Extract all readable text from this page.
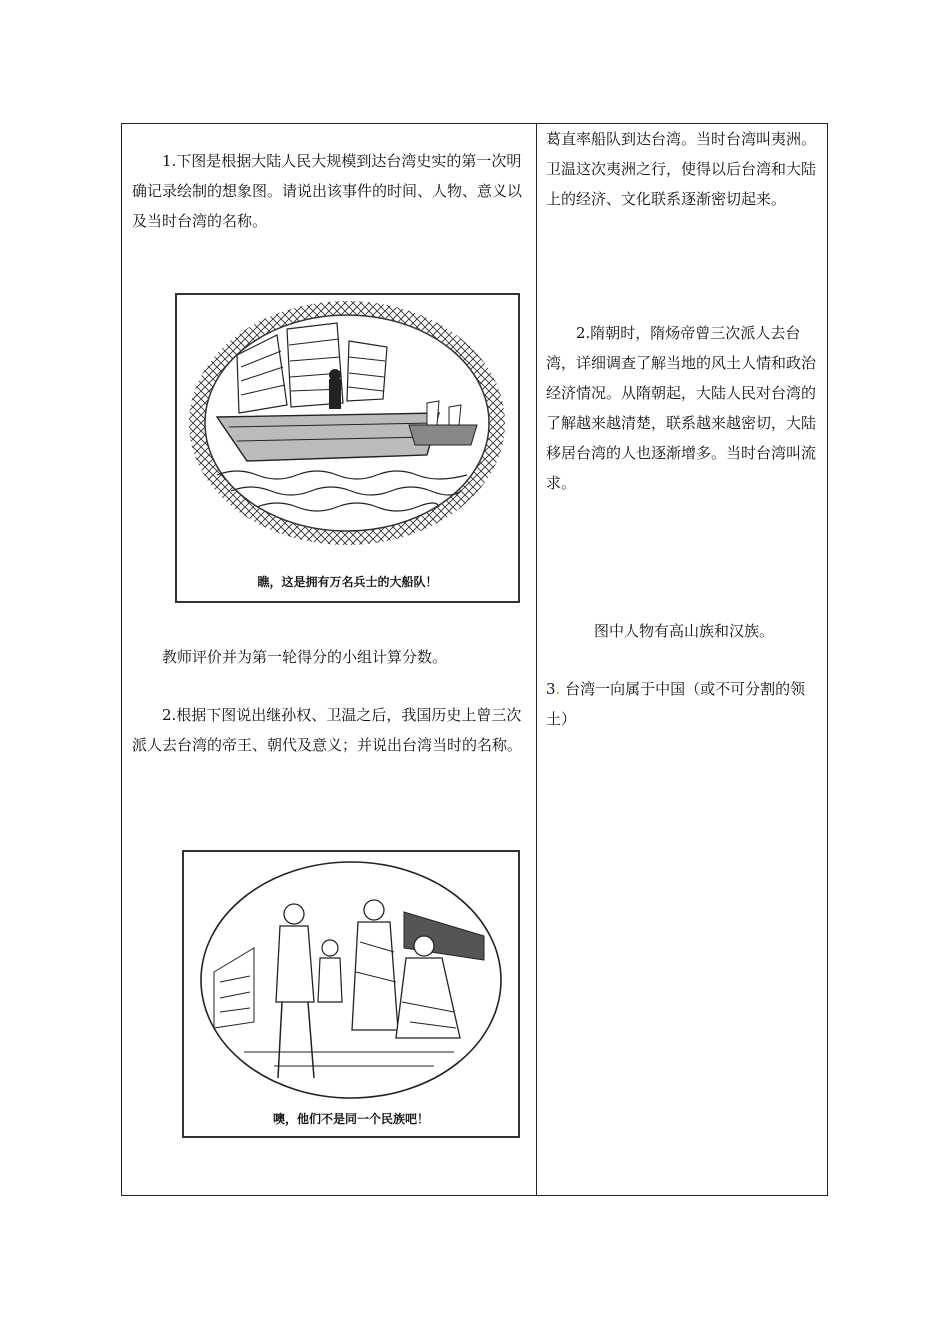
1.下图是根据大陆人民大规模到达台湾史实的第一次明确记录绘制的想象图。请说出该事件的时间、人物、意义以及当时台湾的名称。

瞧，这是拥有万名兵士的大船队！

教师评价并为第一轮得分的小组计算分数。

2.根据下图说出继孙权、卫温之后，我国历史上曾三次派人去台湾的帝王、朝代及意义；并说出台湾当时的名称。

噢，他们不是同一个民族吧！

葛直率船队到达台湾。当时台湾叫夷洲。卫温这次夷洲之行，使得以后台湾和大陆上的经济、文化联系逐渐密切起来。

2.隋朝时，隋炀帝曾三次派人去台湾，详细调查了解当地的风土人情和政治经济情况。从隋朝起，大陆人民对台湾的了解越来越清楚，联系越来越密切，大陆移居台湾的人也逐渐增多。当时台湾叫流求。

图中人物有高山族和汉族。

3. 台湾一向属于中国（或不可分割的领土）
